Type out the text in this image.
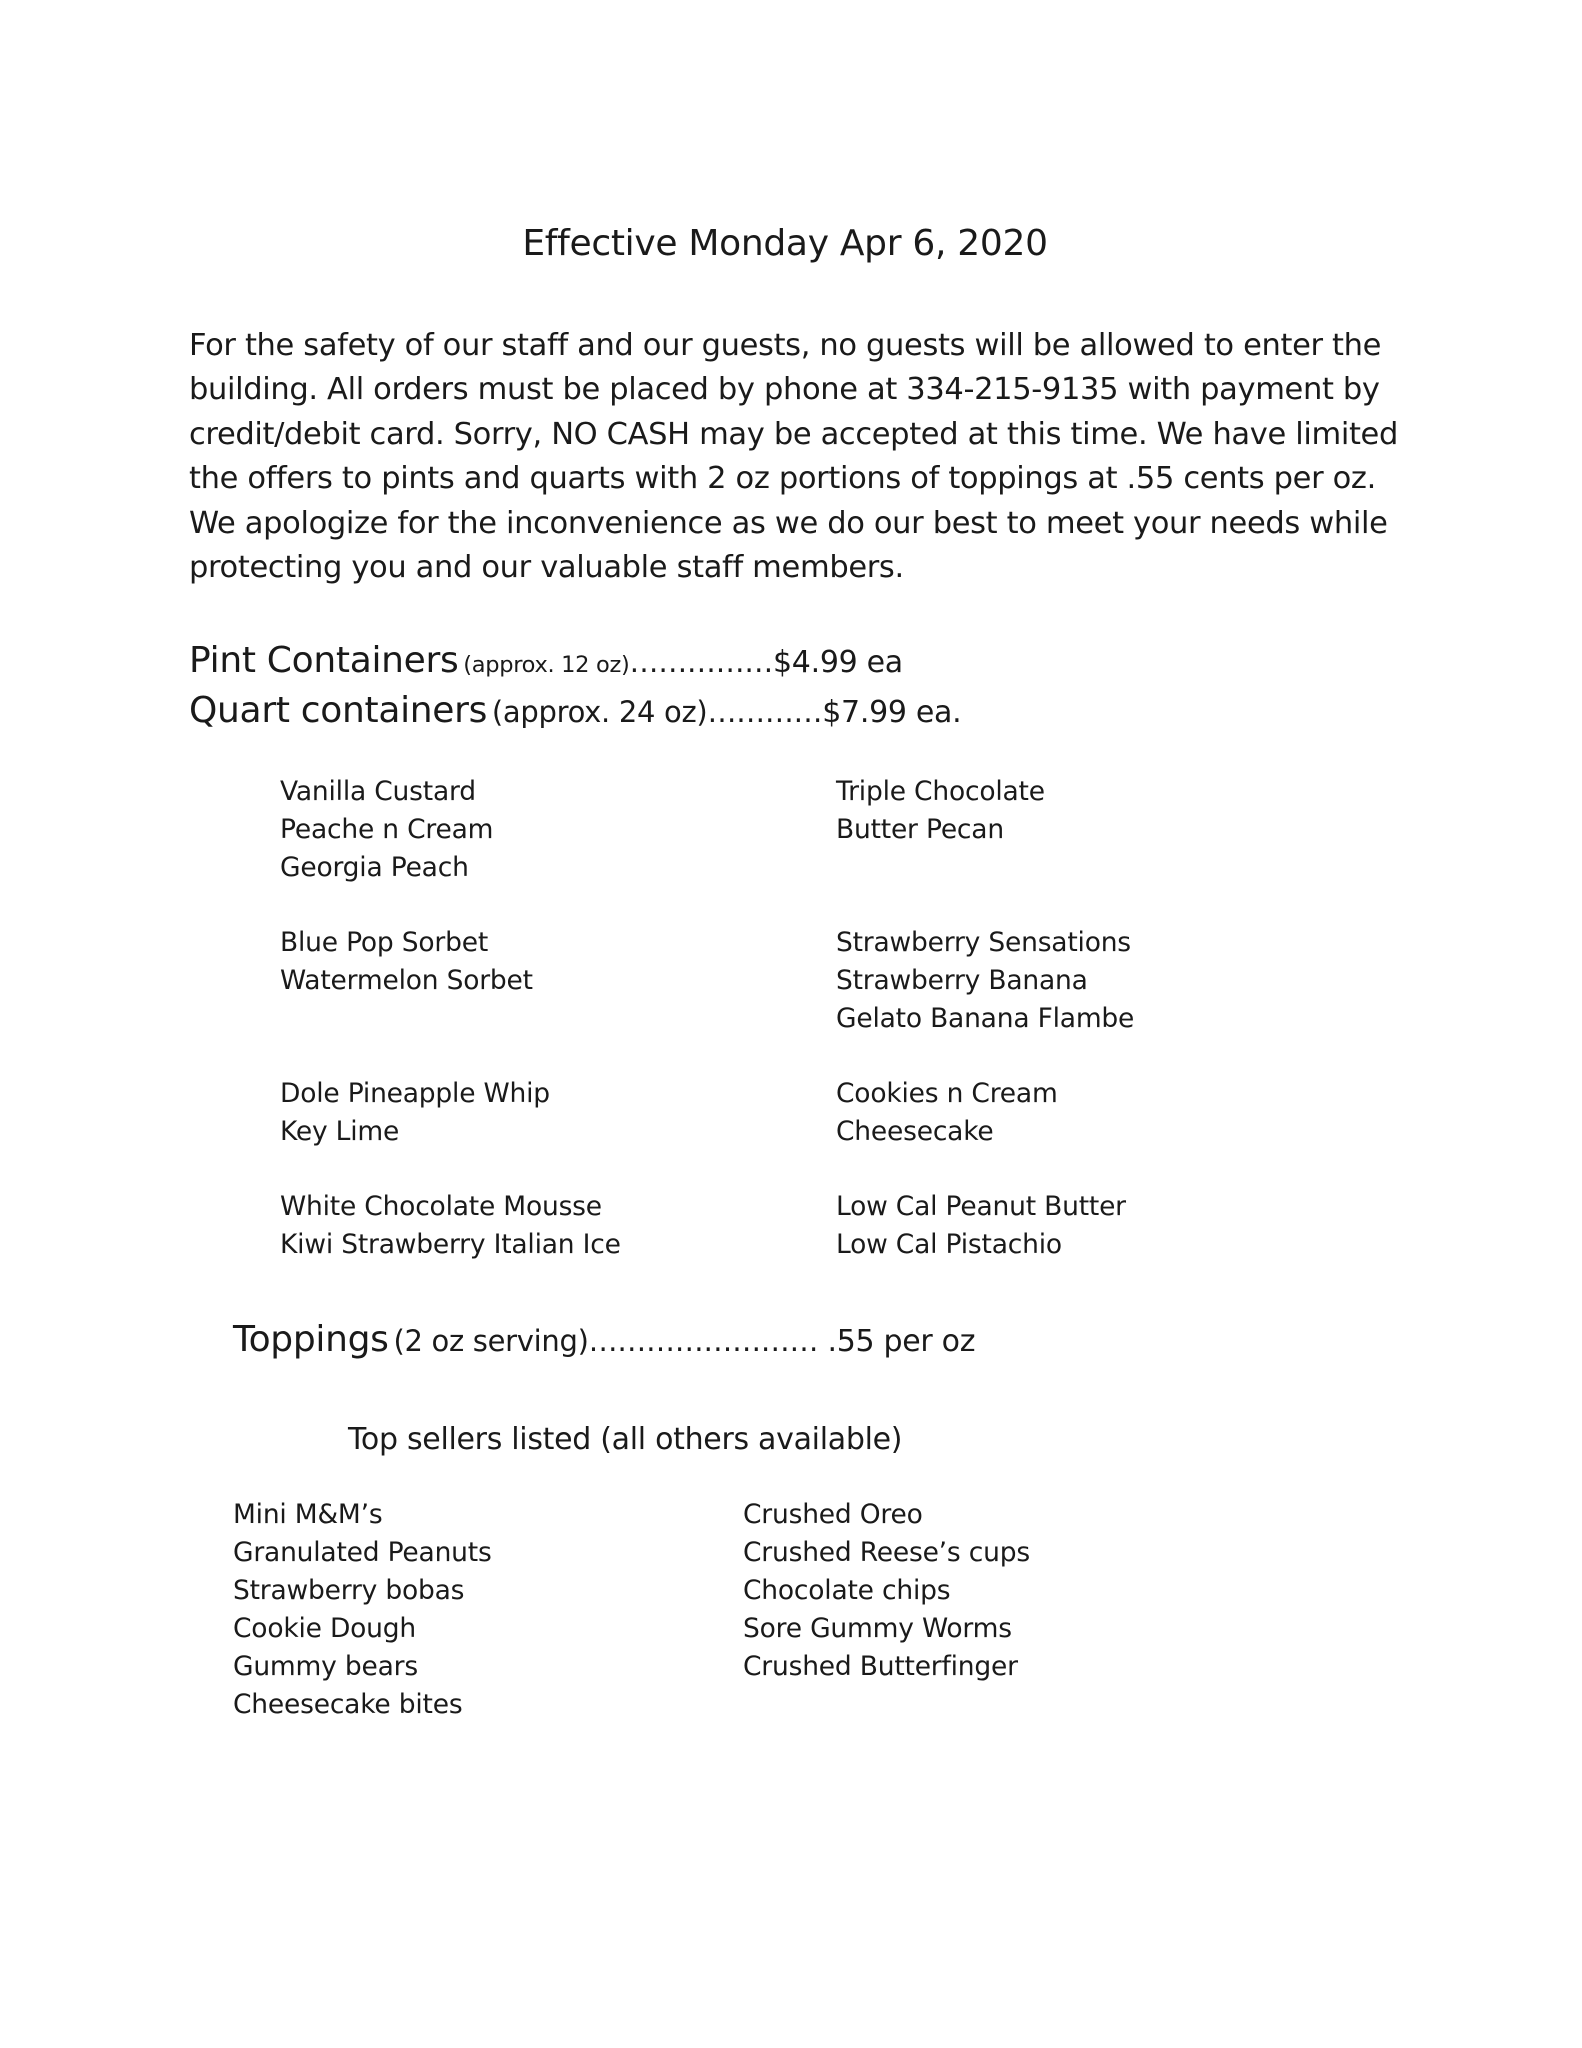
Effective Monday Apr 6, 2020

For the safety of our staff and our guests, no guests will be allowed to enter the
building. All orders must be placed by phone at 334-215-9135 with payment by
credit/debit card. Sorry, NO CASH may be accepted at this time. We have limited
the offers to pints and quarts with 2 oz portions of toppings at .55 cents per oz.
We apologize for the inconvenience as we do our best to meet your needs while
protecting you and our valuable staff members.

Pint Containers (approx. 12 oz)……………$4.99 ea
Quart containers (approx. 24 oz)…………$7.99 ea.
Vanilla Custard
Peache n Cream
Georgia Peach
Blue Pop Sorbet
Watermelon Sorbet
Dole Pineapple Whip
Key Lime
White Chocolate Mousse
Kiwi Strawberry Italian Ice
Triple Chocolate
Butter Pecan
Strawberry Sensations
Strawberry Banana
Gelato Banana Flambe
Cookies n Cream
Cheesecake
Low Cal Peanut Butter
Low Cal Pistachio
Toppings (2 oz serving)…………………… .55 per oz
Top sellers listed (all others available)
Mini M&M’s
Granulated Peanuts
Strawberry bobas
Cookie Dough
Gummy bears
Cheesecake bites
Crushed Oreo
Crushed Reese’s cups
Chocolate chips
Sore Gummy Worms
Crushed Butterfinger
